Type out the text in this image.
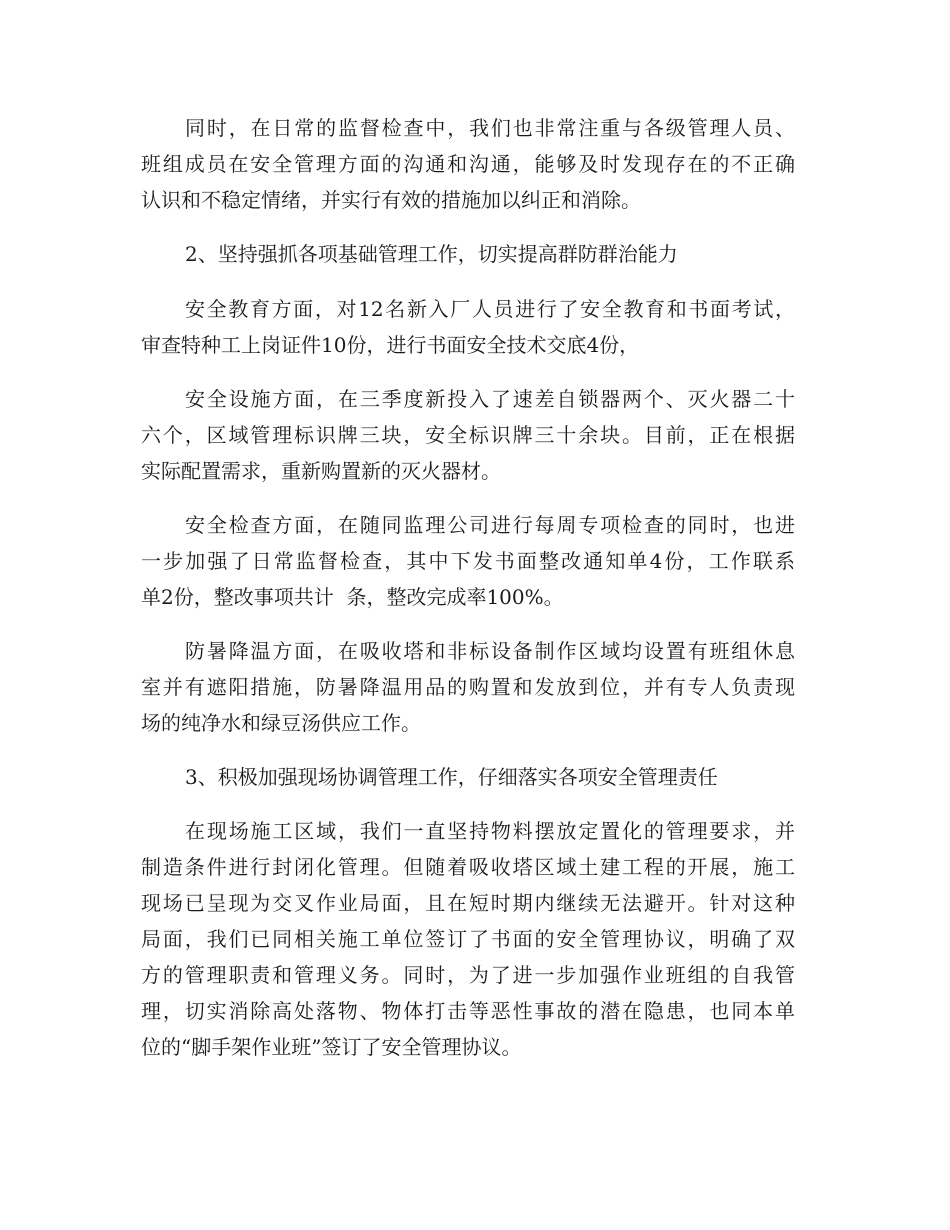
同时，在日常的监督检查中，我们也非常注重与各级管理人员、
班组成员在安全管理方面的沟通和沟通，能够及时发现存在的不正确
认识和不稳定情绪，并实行有效的措施加以纠正和消除。
2、坚持强抓各项基础管理工作，切实提高群防群治能力
安全教育方面，对12名新入厂人员进行了安全教育和书面考试，
审查特种工上岗证件10份，进行书面安全技术交底4份，
安全设施方面，在三季度新投入了速差自锁器两个、灭火器二十
六个，区域管理标识牌三块，安全标识牌三十余块。目前，正在根据
实际配置需求，重新购置新的灭火器材。
安全检查方面，在随同监理公司进行每周专项检查的同时，也进
一步加强了日常监督检查，其中下发书面整改通知单4份，工作联系
单2份，整改事项共计  条，整改完成率100%。
防暑降温方面，在吸收塔和非标设备制作区域均设置有班组休息
室并有遮阳措施，防暑降温用品的购置和发放到位，并有专人负责现
场的纯净水和绿豆汤供应工作。
3、积极加强现场协调管理工作，仔细落实各项安全管理责任
在现场施工区域，我们一直坚持物料摆放定置化的管理要求，并
制造条件进行封闭化管理。但随着吸收塔区域土建工程的开展，施工
现场已呈现为交叉作业局面，且在短时期内继续无法避开。针对这种
局面，我们已同相关施工单位签订了书面的安全管理协议，明确了双
方的管理职责和管理义务。同时，为了进一步加强作业班组的自我管
理，切实消除高处落物、物体打击等恶性事故的潜在隐患，也同本单
位的“脚手架作业班”签订了安全管理协议。
